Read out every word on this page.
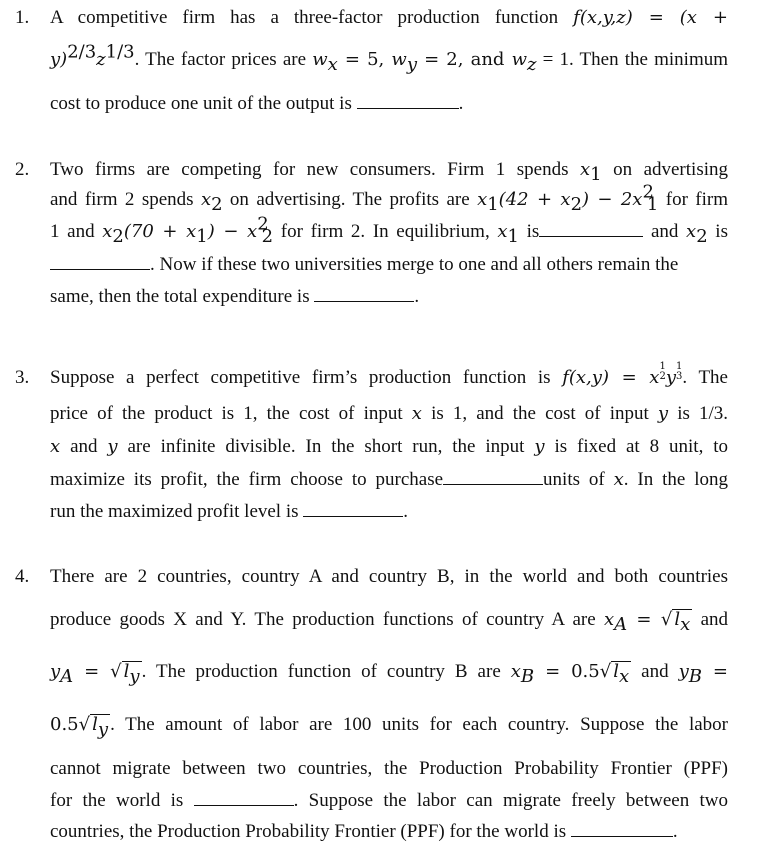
1. A competitive firm has a three-factor production function f(x,y,z) = (x +
$y)^{2/3}z^{1/3}$. The factor prices are $w_x = 5$, $w_y = 2$, and $w_z = 1$. Then the minimum
cost to produce one unit of the output is	.
2. Two firms are competing for new consumers. Firm 1 spends $x_1$ on advertising
and firm 2 spends $x_2$ on advertising. The profits are $x_1(42 + x_2) - 2x^2_1$ for firm
1 and $x_2(70 + x_1) - x^2_2$ for firm 2. In equilibrium, $x_1$ is	and $x_2$ is
. Now if these two universities merge to one and all others remain the
same, then the total expenditure is	.
3. Suppose a perfect competitive firm’s production function is f(x,y) = x
1
2 y
1
3 . The
price of the product is 1, the cost of input x is 1, and the cost of input y is 1/3.
x and y are infinite divisible. In the short run, the input y is fixed at 8 unit, to
maximize its profit, the firm choose to purchase	units of x. In the long
run the maximized profit level is	.
4. There are 2 countries, country A and country B, in the world and both countries
produce goods X and Y. The production functions of country A are $x_A$ = √ $l_x$ and
$y_A$ = √ $l_y$ . The production function of country B are $x_B = 0.5√$ $l_x$ and $y_B$ =
0.5√ $l_y$ . The amount of labor are 100 units for each country. Suppose the labor
cannot migrate between two countries, the Production Probability Frontier (PPF)
for the world is	. Suppose the labor can migrate freely between two
countries, the Production Probability Frontier (PPF) for the world is	.
